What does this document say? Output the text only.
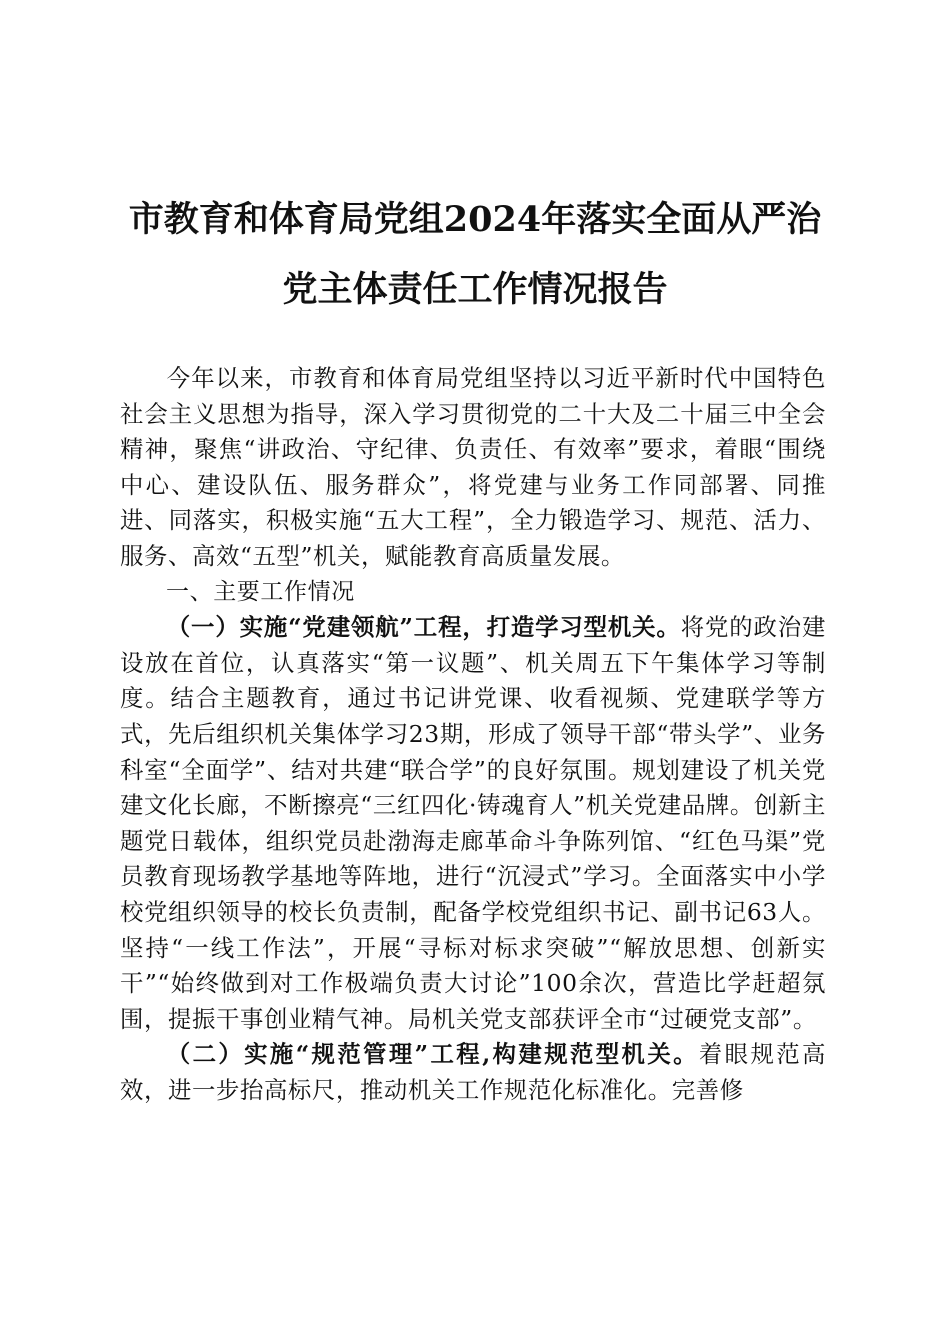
市教育和体育局党组2024年落实全面从严治
党主体责任工作情况报告

今年以来，市教育和体育局党组坚持以习近平新时代中国特色社会主义思想为指导，深入学习贯彻党的二十大及二十届三中全会精神，聚焦“讲政治、守纪律、负责任、有效率”要求，着眼“围绕中心、建设队伍、服务群众”，将党建与业务工作同部署、同推进、同落实，积极实施“五大工程”，全力锻造学习、规范、活力、服务、高效“五型”机关，赋能教育高质量发展。

一、主要工作情况

（一）实施“党建领航”工程，打造学习型机关。将党的政治建设放在首位，认真落实“第一议题”、机关周五下午集体学习等制度。结合主题教育，通过书记讲党课、收看视频、党建联学等方式，先后组织机关集体学习23期，形成了领导干部“带头学”、业务科室“全面学”、结对共建“联合学”的良好氛围。规划建设了机关党建文化长廊，不断擦亮“三红四化·铸魂育人”机关党建品牌。创新主题党日载体，组织党员赴渤海走廊革命斗争陈列馆、“红色马渠”党员教育现场教学基地等阵地，进行“沉浸式”学习。全面落实中小学校党组织领导的校长负责制，配备学校党组织书记、副书记63人。坚持“一线工作法”，开展“寻标对标求突破”“解放思想、创新实干”“始终做到对工作极端负责大讨论”100余次，营造比学赶超氛围，提振干事创业精气神。局机关党支部获评全市“过硬党支部”。

（二）实施“规范管理”工程,构建规范型机关。着眼规范高效，进一步抬高标尺，推动机关工作规范化标准化。完善修
